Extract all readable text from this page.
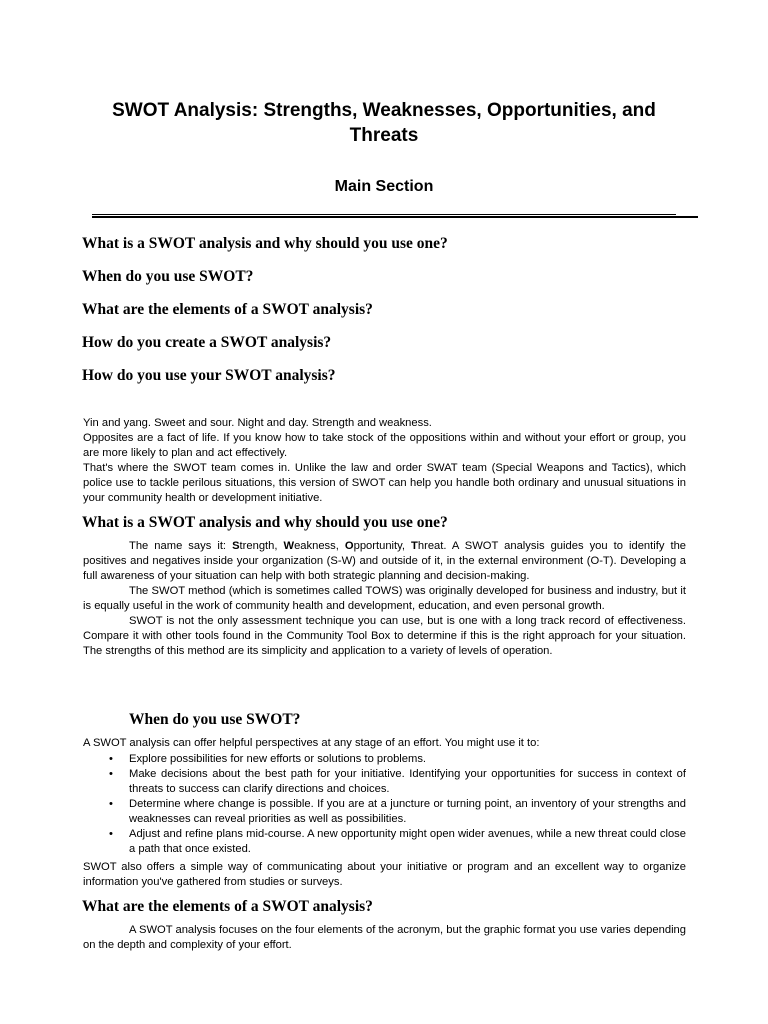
SWOT Analysis: Strengths, Weaknesses, Opportunities, and Threats
Main Section
What is a SWOT analysis and why should you use one?
When do you use SWOT?
What are the elements of a SWOT analysis?
How do you create a SWOT analysis?
How do you use your SWOT analysis?
Yin and yang. Sweet and sour. Night and day. Strength and weakness.
Opposites are a fact of life. If you know how to take stock of the oppositions within and without your effort or group, you are more likely to plan and act effectively.
That's where the SWOT team comes in. Unlike the law and order SWAT team (Special Weapons and Tactics), which police use to tackle perilous situations, this version of SWOT can help you handle both ordinary and unusual situations in your community health or development initiative.
What is a SWOT analysis and why should you use one?
The name says it: Strength, Weakness, Opportunity, Threat. A SWOT analysis guides you to identify the positives and negatives inside your organization (S-W) and outside of it, in the external environment (O-T). Developing a full awareness of your situation can help with both strategic planning and decision-making.
The SWOT method (which is sometimes called TOWS) was originally developed for business and industry, but it is equally useful in the work of community health and development, education, and even personal growth.
SWOT is not the only assessment technique you can use, but is one with a long track record of effectiveness. Compare it with other tools found in the Community Tool Box to determine if this is the right approach for your situation. The strengths of this method are its simplicity and application to a variety of levels of operation.
When do you use SWOT?
A SWOT analysis can offer helpful perspectives at any stage of an effort. You might use it to:
•	Explore possibilities for new efforts or solutions to problems.
•	Make decisions about the best path for your initiative. Identifying your opportunities for success in context of threats to success can clarify directions and choices.
•	Determine where change is possible. If you are at a juncture or turning point, an inventory of your strengths and weaknesses can reveal priorities as well as possibilities.
•	Adjust and refine plans mid-course. A new opportunity might open wider avenues, while a new threat could close a path that once existed.
SWOT also offers a simple way of communicating about your initiative or program and an excellent way to organize information you've gathered from studies or surveys.
What are the elements of a SWOT analysis?
A SWOT analysis focuses on the four elements of the acronym, but the graphic format you use varies depending on the depth and complexity of your effort.
